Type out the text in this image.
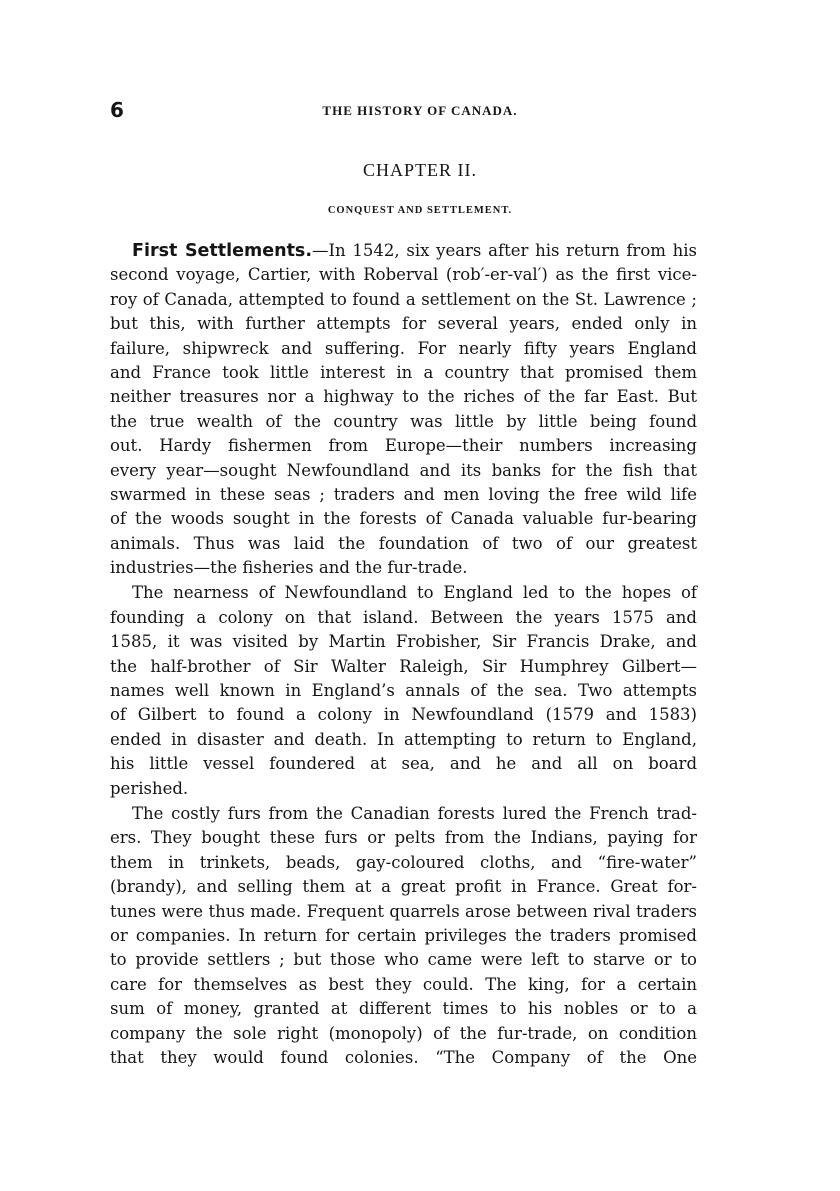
6	THE HISTORY OF CANADA.
CHAPTER II.
CONQUEST AND SETTLEMENT.
First Settlements.—In 1542, six years after his return from his
second voyage, Cartier, with Roberval (rob′-er-val′) as the first vice-
roy of Canada, attempted to found a settlement on the St. Lawrence ;
but this, with further attempts for several years, ended only in
failure, shipwreck and suffering. For nearly fifty years England
and France took little interest in a country that promised them
neither treasures nor a highway to the riches of the far East. But
the true wealth of the country was little by little being found
out. Hardy fishermen from Europe—their numbers increasing
every year—sought Newfoundland and its banks for the fish that
swarmed in these seas ; traders and men loving the free wild life
of the woods sought in the forests of Canada valuable fur-bearing
animals. Thus was laid the foundation of two of our greatest
industries—the fisheries and the fur-trade.
The nearness of Newfoundland to England led to the hopes of
founding a colony on that island. Between the years 1575 and
1585, it was visited by Martin Frobisher, Sir Francis Drake, and
the half-brother of Sir Walter Raleigh, Sir Humphrey Gilbert—
names well known in England’s annals of the sea. Two attempts
of Gilbert to found a colony in Newfoundland (1579 and 1583)
ended in disaster and death. In attempting to return to England,
his little vessel foundered at sea, and he and all on board
perished.
The costly furs from the Canadian forests lured the French trad-
ers. They bought these furs or pelts from the Indians, paying for
them in trinkets, beads, gay-coloured cloths, and “fire-water”
(brandy), and selling them at a great profit in France. Great for-
tunes were thus made. Frequent quarrels arose between rival traders
or companies. In return for certain privileges the traders promised
to provide settlers ; but those who came were left to starve or to
care for themselves as best they could. The king, for a certain
sum of money, granted at different times to his nobles or to a
company the sole right (monopoly) of the fur-trade, on condition
that they would found colonies. “The Company of the One
